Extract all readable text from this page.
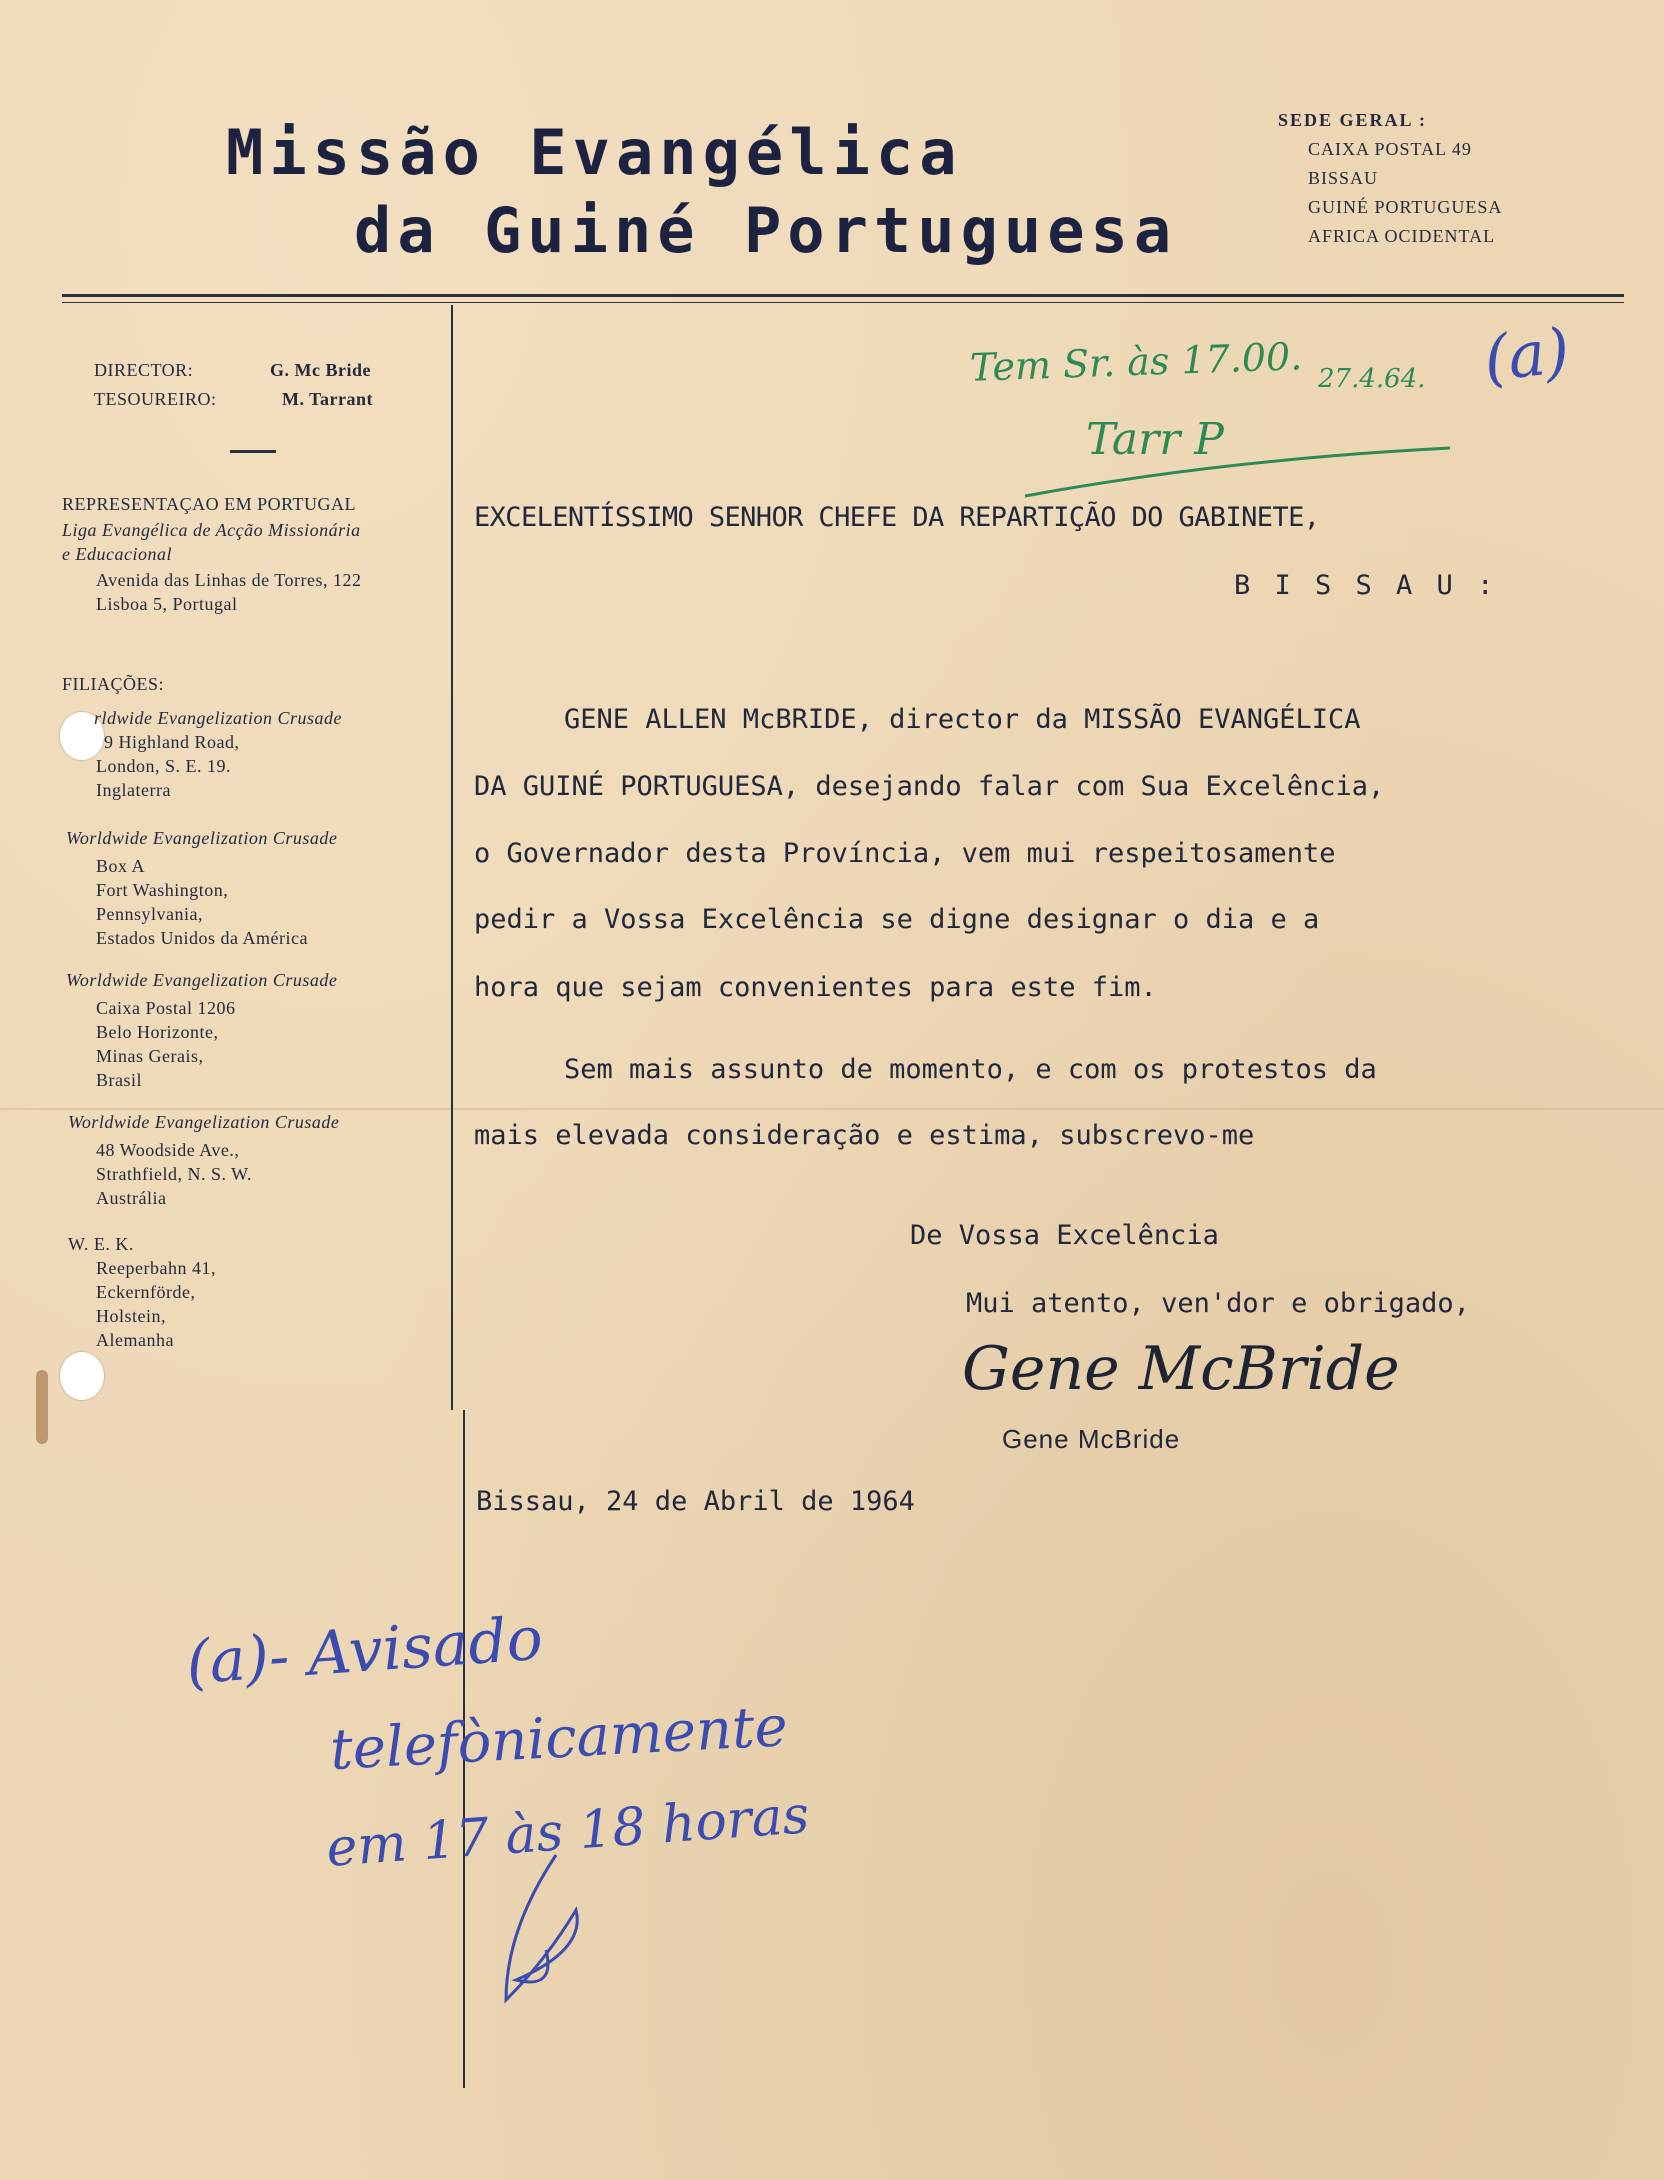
Missão Evangélica
da Guiné Portuguesa
SEDE GERAL :
CAIXA POSTAL 49
BISSAU
GUINÉ PORTUGUESA
AFRICA OCIDENTAL
DIRECTOR:	G. Mc Bride
TESOUREIRO:	M. Tarrant
REPRESENTAÇAO EM PORTUGAL
Liga Evangélica de Acção Missionária
e Educacional
Avenida das Linhas de Torres, 122
Lisboa 5, Portugal
FILIAÇÕES:
rldwide Evangelization Crusade
9 Highland Road,
London, S. E. 19.
Inglaterra
Worldwide Evangelization Crusade
Box A
Fort Washington,
Pennsylvania,
Estados Unidos da América
Worldwide Evangelization Crusade
Caixa Postal 1206
Belo Horizonte,
Minas Gerais,
Brasil
Worldwide Evangelization Crusade
48 Woodside Ave.,
Strathfield, N. S. W.
Austrália
W. E. K.
Reeperbahn 41,
Eckernförde,
Holstein,
Alemanha
EXCELENTÍSSIMO SENHOR CHEFE DA REPARTIÇÃO DO GABINETE,
B I S S A U :
GENE ALLEN McBRIDE, director da MISSÃO EVANGÉLICA
DA GUINÉ PORTUGUESA, desejando falar com Sua Excelência,
o Governador desta Província, vem mui respeitosamente
pedir a Vossa Excelência se digne designar o dia e a
hora que sejam convenientes para este fim.
Sem mais assunto de momento, e com os protestos da
mais elevada consideração e estima, subscrevo-me
De Vossa Excelência
Mui atento, ven'dor e obrigado,
Gene McBride
Gene McBride
Bissau, 24 de Abril de 1964
Tem Sr. às 17.00. 27.4.64.
Tarr P
(a)
(a)- Avisado
telefònicamente
em 17 às 18 horas
